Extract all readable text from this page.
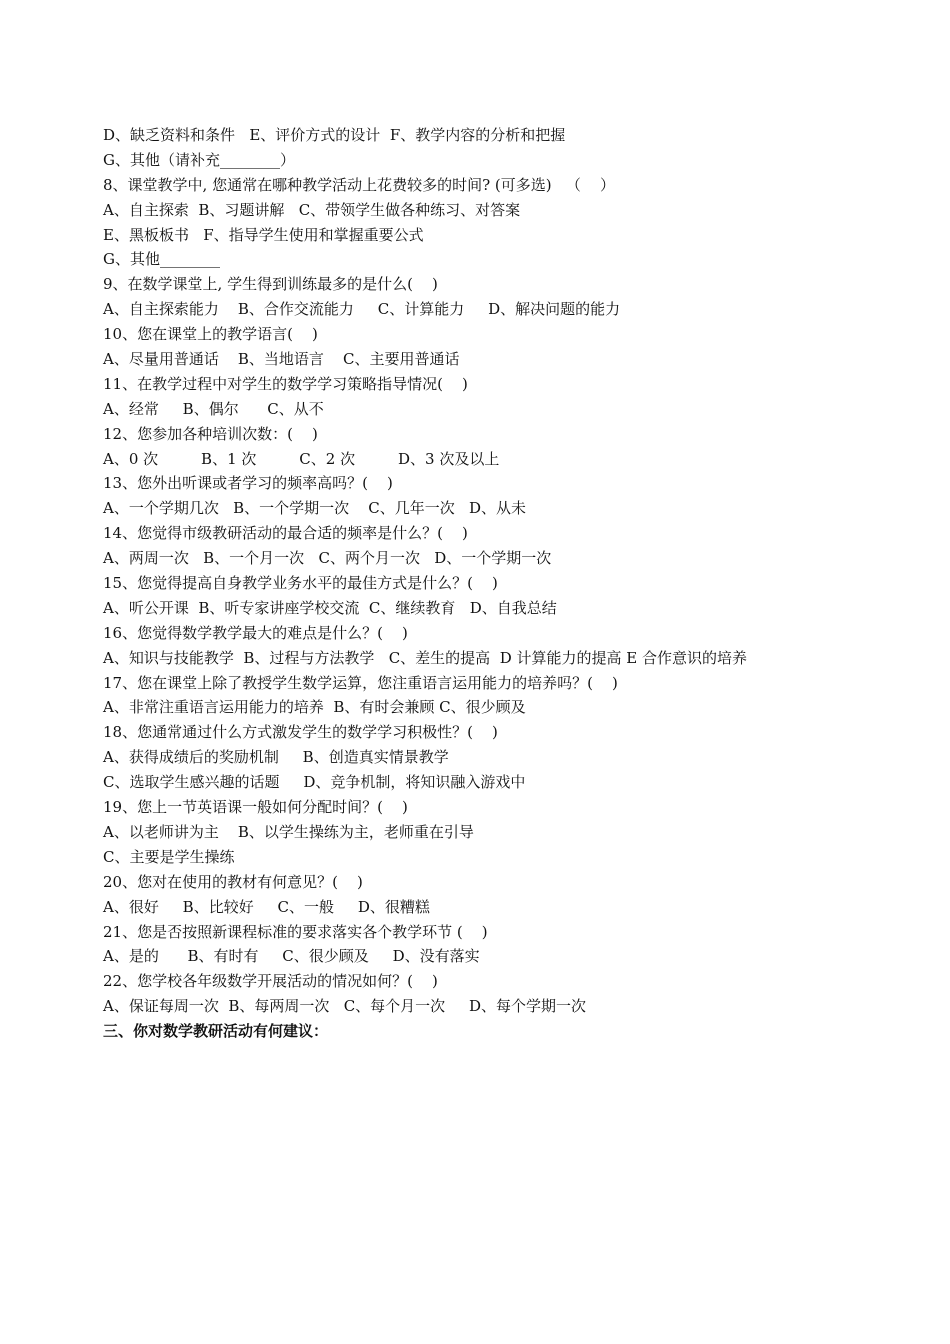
D、缺乏资料和条件   E、评价方式的设计  F、教学内容的分析和把握
G、其他（请补充________）
8、课堂教学中, 您通常在哪种教学活动上花费较多的时间? (可多选)   （    ）
A、自主探索  B、习题讲解   C、带领学生做各种练习、对答案
E、黑板板书   F、指导学生使用和掌握重要公式
G、其他________
9、在数学课堂上, 学生得到训练最多的是什么(    )
A、自主探索能力    B、合作交流能力     C、计算能力     D、解决问题的能力
10、您在课堂上的教学语言(    )
A、尽量用普通话    B、当地语言    C、主要用普通话
11、在教学过程中对学生的数学学习策略指导情况(    )
A、经常     B、偶尔      C、从不
12、您参加各种培训次数：(    )
A、0 次         B、1 次         C、2 次         D、3 次及以上
13、您外出听课或者学习的频率高吗？(    )
A、一个学期几次   B、一个学期一次    C、几年一次   D、从未
14、您觉得市级教研活动的最合适的频率是什么？(    )
A、两周一次   B、一个月一次   C、两个月一次   D、一个学期一次
15、您觉得提高自身教学业务水平的最佳方式是什么？(    )
A、听公开课  B、听专家讲座学校交流  C、继续教育   D、自我总结
16、您觉得数学教学最大的难点是什么？(    )
A、知识与技能教学  B、过程与方法教学   C、差生的提高  D 计算能力的提高 E 合作意识的培养
17、您在课堂上除了教授学生数学运算，您注重语言运用能力的培养吗？(    )
A、非常注重语言运用能力的培养  B、有时会兼顾 C、很少顾及
18、您通常通过什么方式激发学生的数学学习积极性？(    )
A、获得成绩后的奖励机制     B、创造真实情景教学
C、选取学生感兴趣的话题     D、竞争机制，将知识融入游戏中
19、您上一节英语课一般如何分配时间？(    )
A、以老师讲为主    B、以学生操练为主，老师重在引导
C、主要是学生操练
20、您对在使用的教材有何意见？(    )
A、很好     B、比较好     C、一般     D、很糟糕
21、您是否按照新课程标准的要求落实各个教学环节 (    )
A、是的      B、有时有     C、很少顾及     D、没有落实
22、您学校各年级数学开展活动的情况如何？(    )
A、保证每周一次  B、每两周一次   C、每个月一次     D、每个学期一次
三、你对数学教研活动有何建议：
